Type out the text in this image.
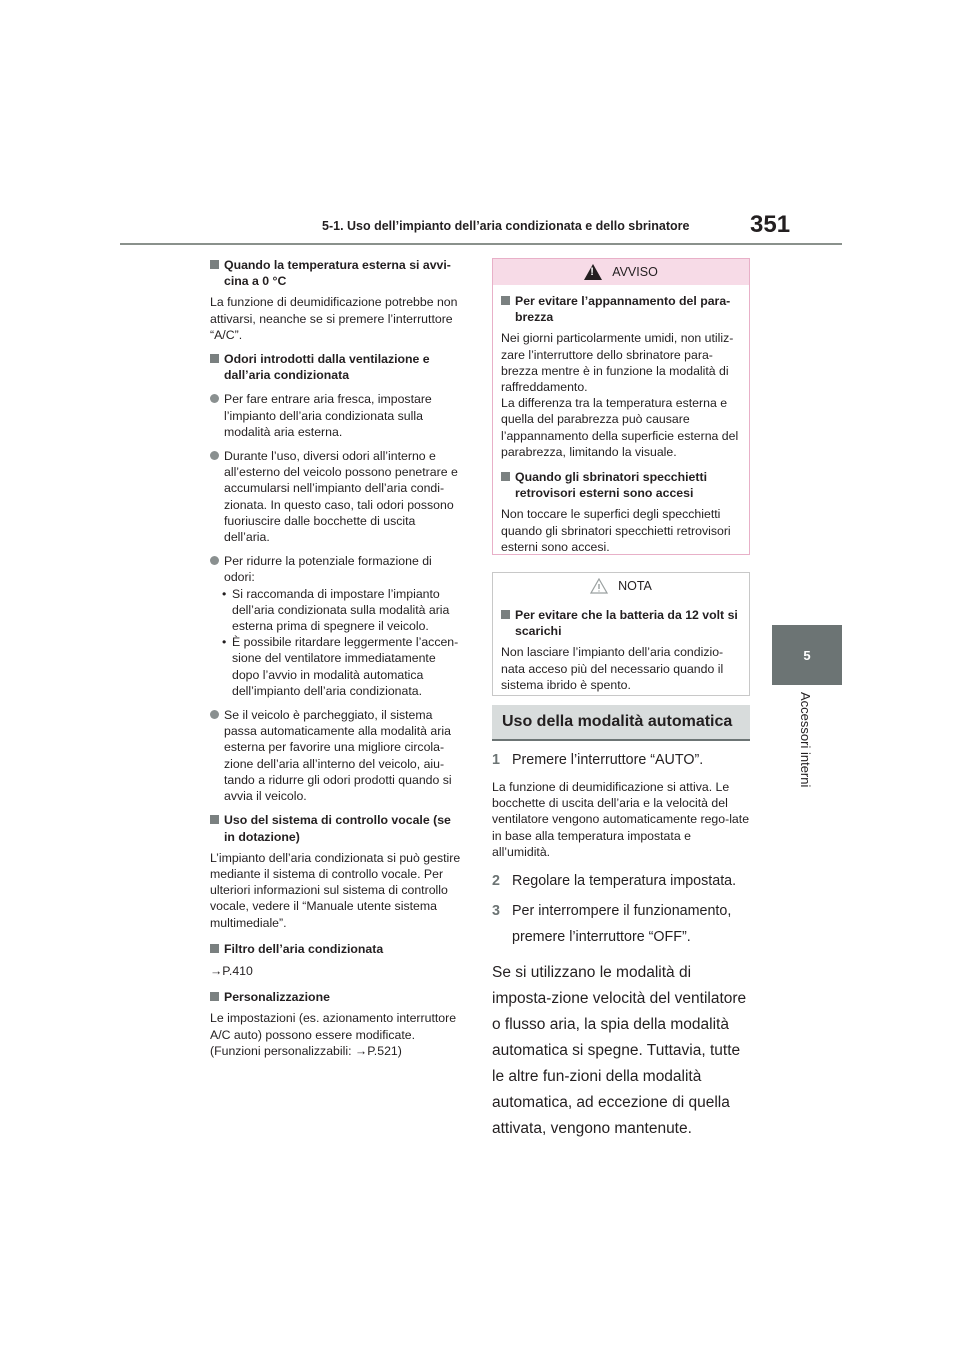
5-1. Uso dell’impianto dell’aria condizionata e dello sbrinatore	351
5
Accessori interni

Quando la temperatura esterna si avvi-cina a 0 °C

La funzione di deumidificazione potrebbe non attivarsi, neanche se si premere l’interruttore “A/C”.

Odori introdotti dalla ventilazione e dall’aria condizionata

Per fare entrare aria fresca, impostare l’impianto dell’aria condizionata sulla modalità aria esterna.

Durante l’uso, diversi odori all’interno e all’esterno del veicolo possono penetrare e accumularsi nell’impianto dell’aria condi-zionata. In questo caso, tali odori possono fuoriuscire dalle bocchette di uscita dell’aria.

Per ridurre la potenziale formazione di odori:

• Si raccomanda di impostare l’impianto dell’aria condizionata sulla modalità aria esterna prima di spegnere il veicolo.

• È possibile ritardare leggermente l’accen-sione del ventilatore immediatamente dopo l’avvio in modalità automatica dell’impianto dell’aria condizionata.

Se il veicolo è parcheggiato, il sistema passa automaticamente alla modalità aria esterna per favorire una migliore circola-zione dell’aria all’interno del veicolo, aiu-tando a ridurre gli odori prodotti quando si avvia il veicolo.

Uso del sistema di controllo vocale (se in dotazione)

L’impianto dell’aria condizionata si può gestire mediante il sistema di controllo vocale. Per ulteriori informazioni sul sistema di controllo vocale, vedere il “Manuale utente sistema multimediale”.

Filtro dell’aria condizionata

→P.410

Personalizzazione

Le impostazioni (es. azionamento interruttore A/C auto) possono essere modificate. (Funzioni personalizzabili: →P.521)

!
AVVISO

Per evitare l’appannamento del para-brezza

Nei giorni particolarmente umidi, non utiliz-zare l’interruttore dello sbrinatore para-brezza mentre è in funzione la modalità di raffreddamento.

La differenza tra la temperatura esterna e quella del parabrezza può causare l’appannamento della superficie esterna del parabrezza, limitando la visuale.

Quando gli sbrinatori specchietti retrovisori esterni sono accesi

Non toccare le superfici degli specchietti quando gli sbrinatori specchietti retrovisori esterni sono accesi.

NOTA

Per evitare che la batteria da 12 volt si scarichi

Non lasciare l’impianto dell’aria condizio-nata acceso più del necessario quando il sistema ibrido è spento.

Uso della modalità automatica
1 Premere l’interruttore “AUTO”.

La funzione di deumidificazione si attiva. Le bocchette di uscita dell’aria e la velocità del ventilatore vengono automaticamente rego-late in base alla temperatura impostata e all’umidità.

2 Regolare la temperatura impostata.
3 Per interrompere il funzionamento, premere l’interruttore “OFF”.

Se si utilizzano le modalità di imposta-zione velocità del ventilatore o flusso aria, la spia della modalità automatica si spegne. Tuttavia, tutte le altre fun-zioni della modalità automatica, ad eccezione di quella attivata, vengono mantenute.
